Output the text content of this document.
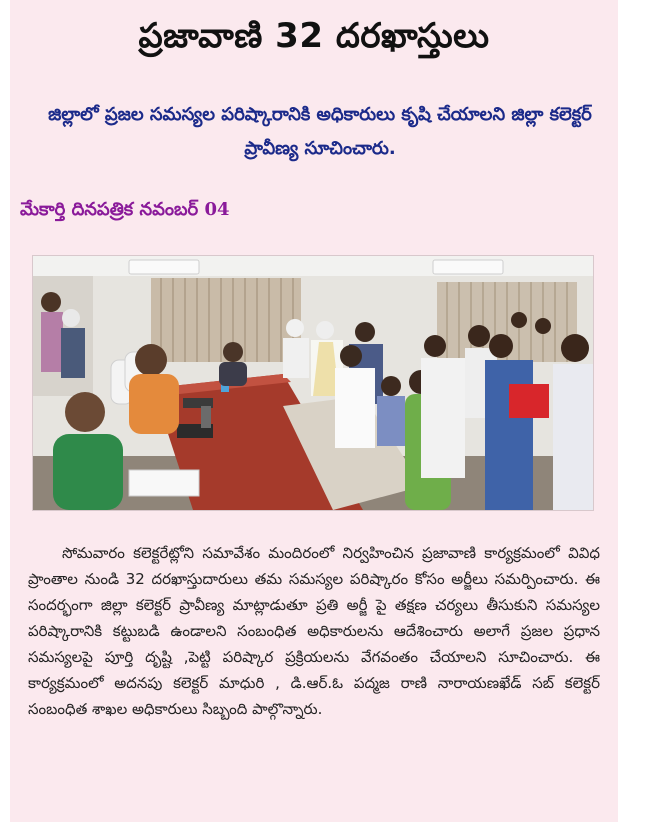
ప్రజావాణి 32 దరఖాస్తులు
జిల్లాలో ప్రజల సమస్యల పరిష్కారానికి అధికారులు కృషి చేయాలని జిల్లా కలెక్టర్ ప్రావీణ్య సూచించారు.
మేకార్తి దినపత్రిక నవంబర్ 04
సోమవారం కలెక్టరేట్లోని సమావేశం మందిరంలో నిర్వహించిన ప్రజావాణి కార్యక్రమంలో వివిధ ప్రాంతాల నుండి 32 దరఖాస్తుదారులు తమ సమస్యల పరిష్కారం కోసం అర్జీలు సమర్పించారు. ఈ సందర్భంగా జిల్లా కలెక్టర్ ప్రావీణ్య మాట్లాడుతూ ప్రతి అర్జీ పై తక్షణ చర్యలు తీసుకుని సమస్యల పరిష్కారానికి కట్టుబడి ఉండాలని సంబంధిత అధికారులను ఆదేశించారు అలాగే ప్రజల ప్రధాన సమస్యలపై పూర్తి దృష్టి ,పెట్టి పరిష్కార ప్రక్రియలను వేగవంతం చేయాలని సూచించారు. ఈ కార్యక్రమంలో అదనపు కలెక్టర్ మాధురి , డి.ఆర్.ఓ పద్మజ రాణి నారాయణఖేడ్ సబ్ కలెక్టర్ సంబంధిత శాఖల అధికారులు సిబ్బంది పాల్గొన్నారు.
